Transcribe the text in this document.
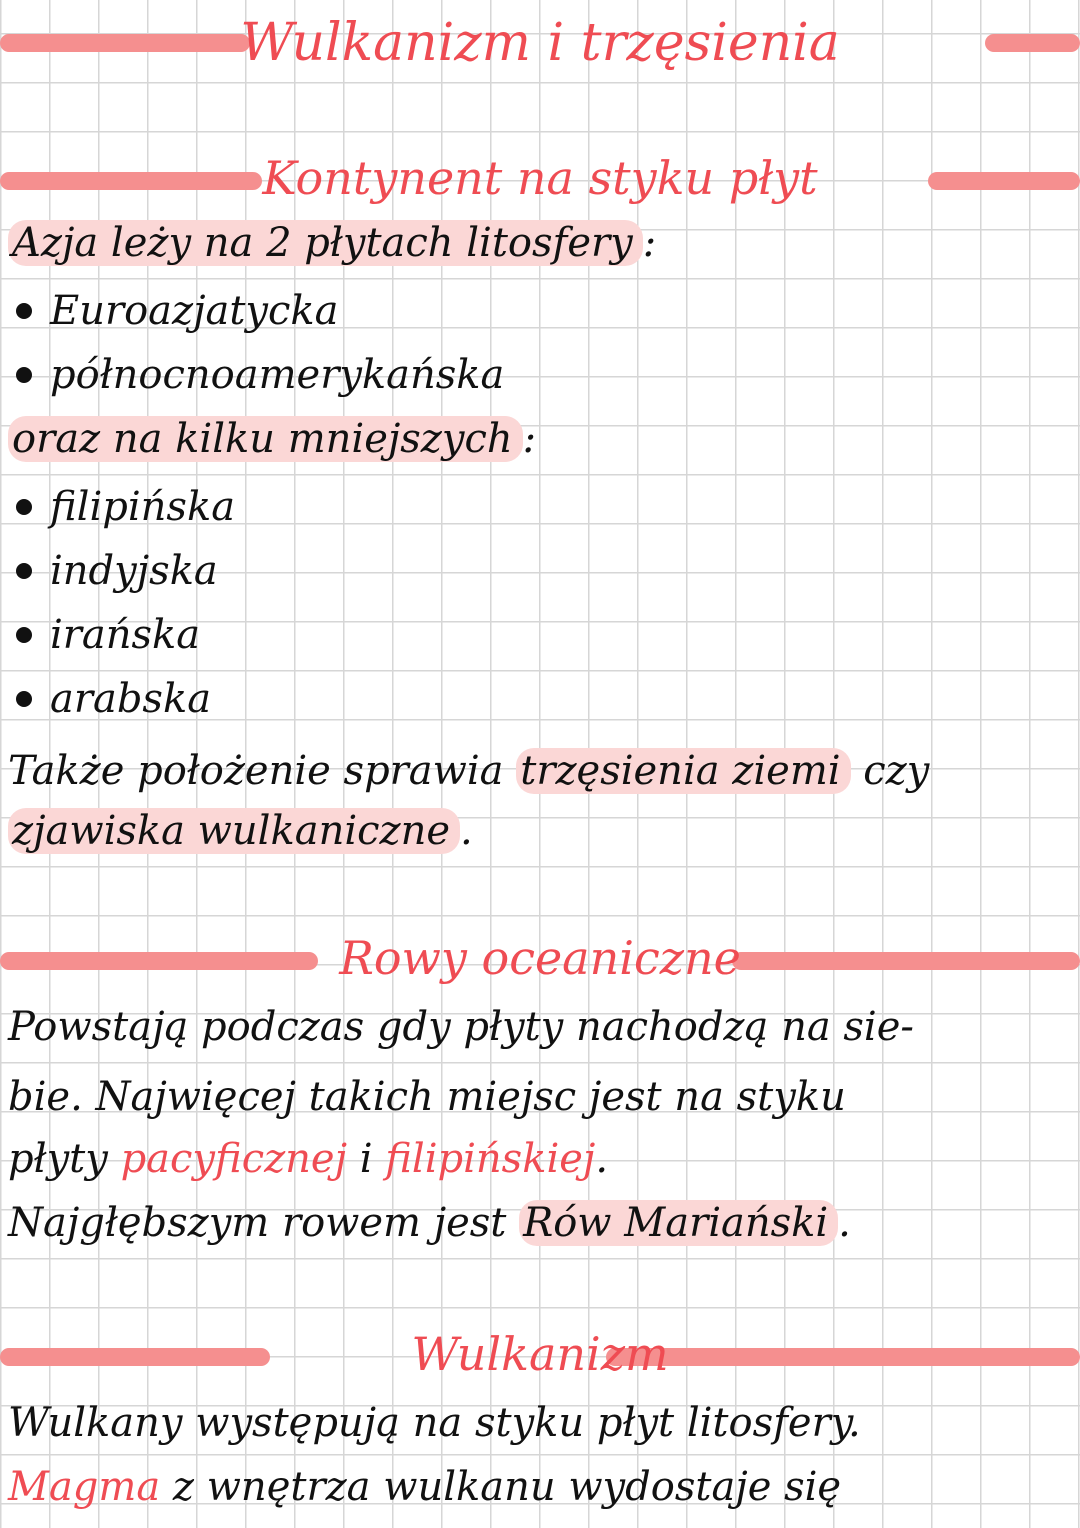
Wulkanizm i trzęsienia
Kontynent na styku płyt
Azja leży na 2 płytach litosfery :
Euroazjatycka
północnoamerykańska
oraz na kilku mniejszych :
filipińska
indyjska
irańska
arabska
Także położenie sprawia trzęsienia ziemi czy
zjawiska wulkaniczne .
Rowy oceaniczne
Powstają podczas gdy płyty nachodzą na sie-
bie. Najwięcej takich miejsc jest na styku
płyty pacyficznej i filipińskiej.
Najgłębszym rowem jest Rów Mariański .
Wulkanizm
Wulkany występują na styku płyt litosfery.
Magma z wnętrza wulkanu wydostaje się
